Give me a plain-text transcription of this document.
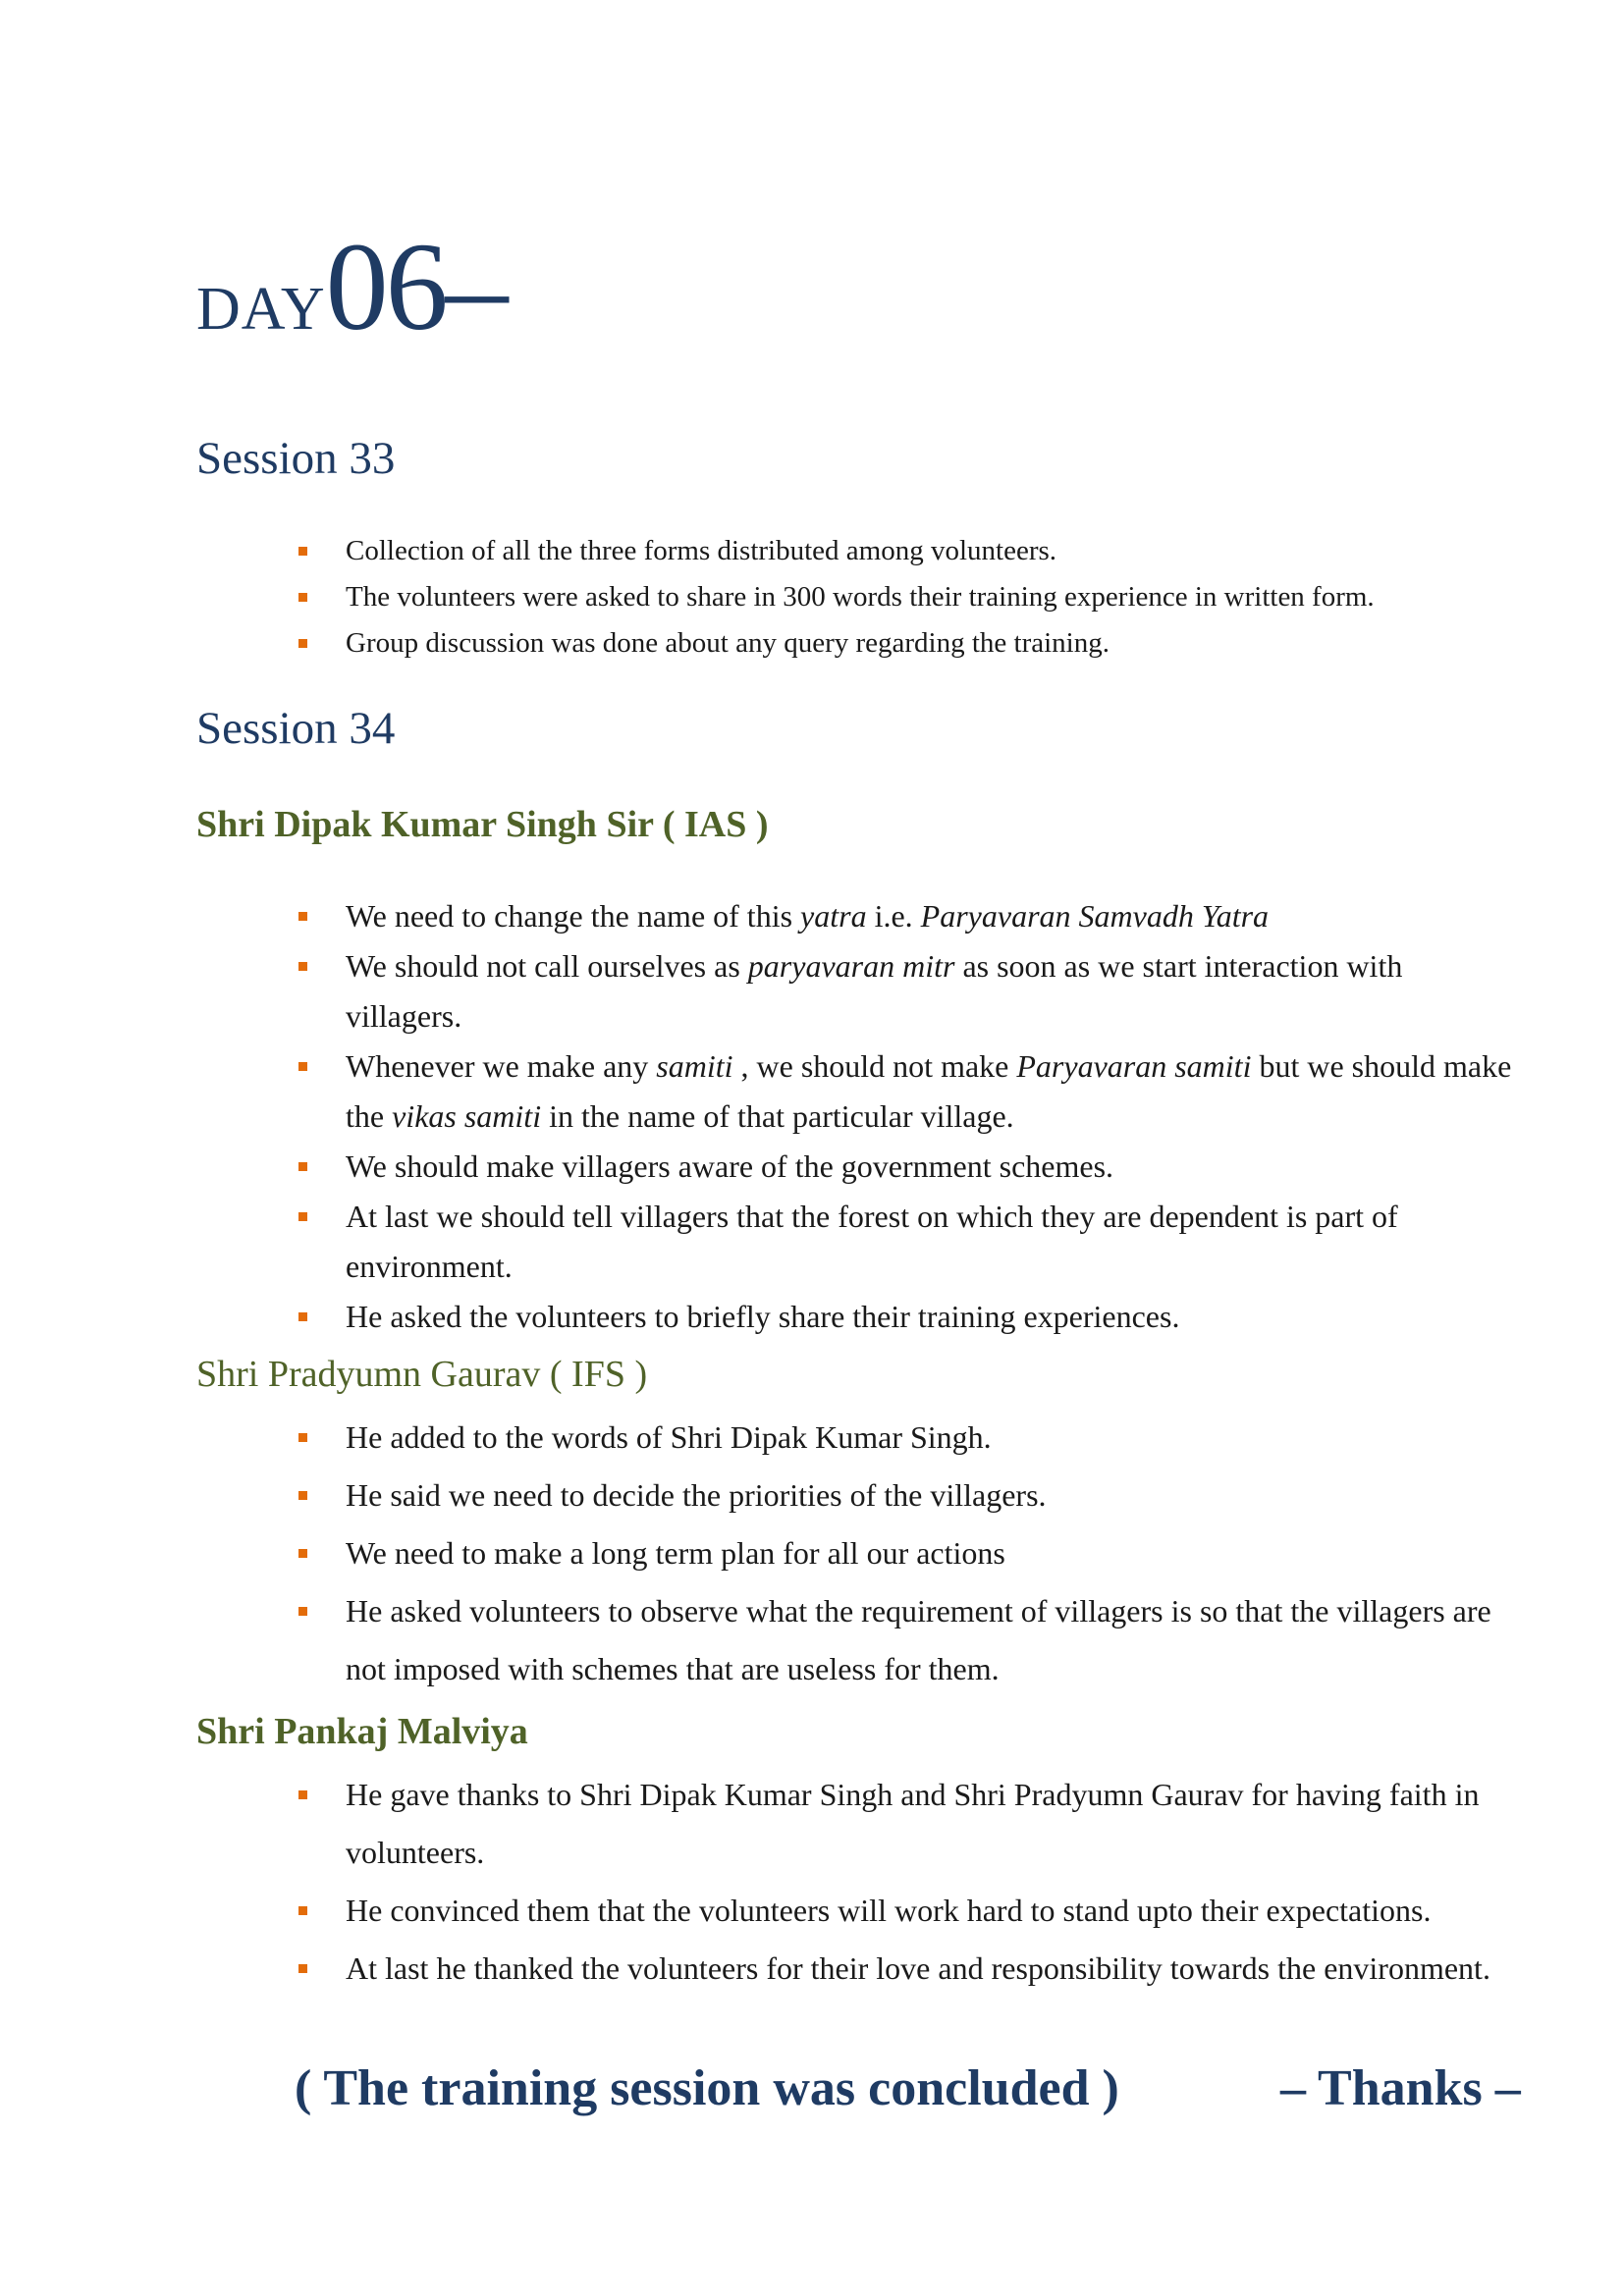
DAY06–
Session 33
Collection of all the three forms distributed among volunteers.
The volunteers were asked to share in 300 words their training experience in written form.
Group discussion was done about any query regarding the training.
Session 34
Shri Dipak Kumar Singh Sir ( IAS )
We need to change the name of this yatra i.e. Paryavaran Samvadh Yatra
We should not call ourselves as paryavaran mitr as soon as we start interaction with villagers.
Whenever we make any samiti , we should not make Paryavaran samiti but we should make the vikas samiti in the name of that particular village.
We should make villagers aware of the government schemes.
At last we should tell villagers that the forest on which they are dependent is part of environment.
He asked the volunteers to briefly share their training experiences.
Shri Pradyumn Gaurav ( IFS )
He added to the words of Shri Dipak Kumar Singh.
He said we need to decide the priorities of the villagers.
We need to make a long term plan for all our actions
He asked volunteers to observe what the requirement of villagers is so that the villagers are not imposed with schemes that are useless for them.
Shri Pankaj Malviya
He gave thanks to Shri Dipak Kumar Singh and Shri Pradyumn Gaurav for having faith in volunteers.
He convinced them that the volunteers will work hard to stand upto their expectations.
At last he thanked the volunteers for their love and responsibility towards the environment.

( The training session was concluded )	– Thanks –
